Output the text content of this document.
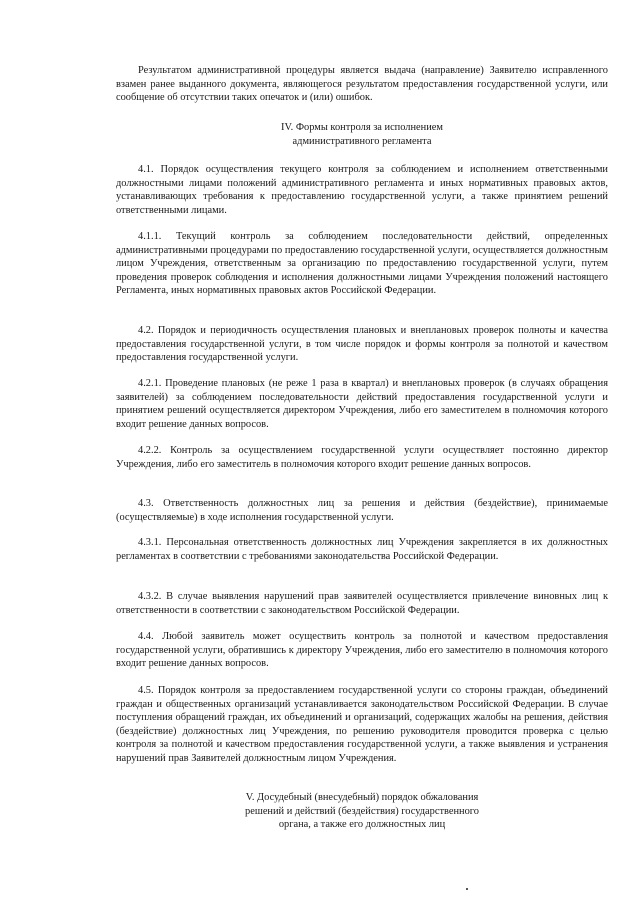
Результатом административной процедуры является выдача (направление) Заявителю исправленного взамен ранее выданного документа, являющегося результатом предоставления государственной услуги, или сообщение об отсутствии таких опечаток и (или) ошибок.

IV. Формы контроля за исполнением
административного регламента

4.1. Порядок осуществления текущего контроля за соблюдением и исполнением ответственными должностными лицами положений административного регламента и иных нормативных правовых актов, устанавливающих требования к предоставлению государственной услуги, а также принятием решений ответственными лицами.

4.1.1. Текущий контроль за соблюдением последовательности действий, определенных административными процедурами по предоставлению государственной услуги, осуществляется должностным лицом Учреждения, ответственным за организацию по предоставлению государственной услуги, путем проведения проверок соблюдения и исполнения должностными лицами Учреждения положений настоящего Регламента, иных нормативных правовых актов Российской Федерации.

4.2. Порядок и периодичность осуществления плановых и внеплановых проверок полноты и качества предоставления государственной услуги, в том числе порядок и формы контроля за полнотой и качеством предоставления государственной услуги.

4.2.1. Проведение плановых (не реже 1 раза в квартал) и внеплановых проверок (в случаях обращения заявителей) за соблюдением последовательности действий предоставления государственной услуги и принятием решений осуществляется директором Учреждения, либо его заместителем в полномочия которого входит решение данных вопросов.

4.2.2. Контроль за осуществлением государственной услуги осуществляет постоянно директор Учреждения, либо его заместитель в полномочия которого входит решение данных вопросов.

4.3. Ответственность должностных лиц за решения и действия (бездействие), принимаемые (осуществляемые) в ходе исполнения государственной услуги.

4.3.1. Персональная ответственность должностных лиц Учреждения закрепляется в их должностных регламентах в соответствии с требованиями законодательства Российской Федерации.

4.3.2. В случае выявления нарушений прав заявителей осуществляется привлечение виновных лиц к ответственности в соответствии с законодательством Российской Федерации.

4.4. Любой заявитель может осуществить контроль за полнотой и качеством предоставления государственной услуги, обратившись к директору Учреждения, либо его заместителю в полномочия которого входит решение данных вопросов.

4.5. Порядок контроля за предоставлением государственной услуги со стороны граждан, объединений граждан и общественных организаций устанавливается законодательством Российской Федерации. В случае поступления обращений граждан, их объединений и организаций, содержащих жалобы на решения, действия (бездействие) должностных лиц Учреждения, по решению руководителя проводится проверка с целью контроля за полнотой и качеством предоставления государственной услуги, а также выявления и устранения нарушений прав Заявителей должностным лицом Учреждения.

V. Досудебный (внесудебный) порядок обжалования
решений и действий (бездействия) государственного
органа, а также его должностных лиц
